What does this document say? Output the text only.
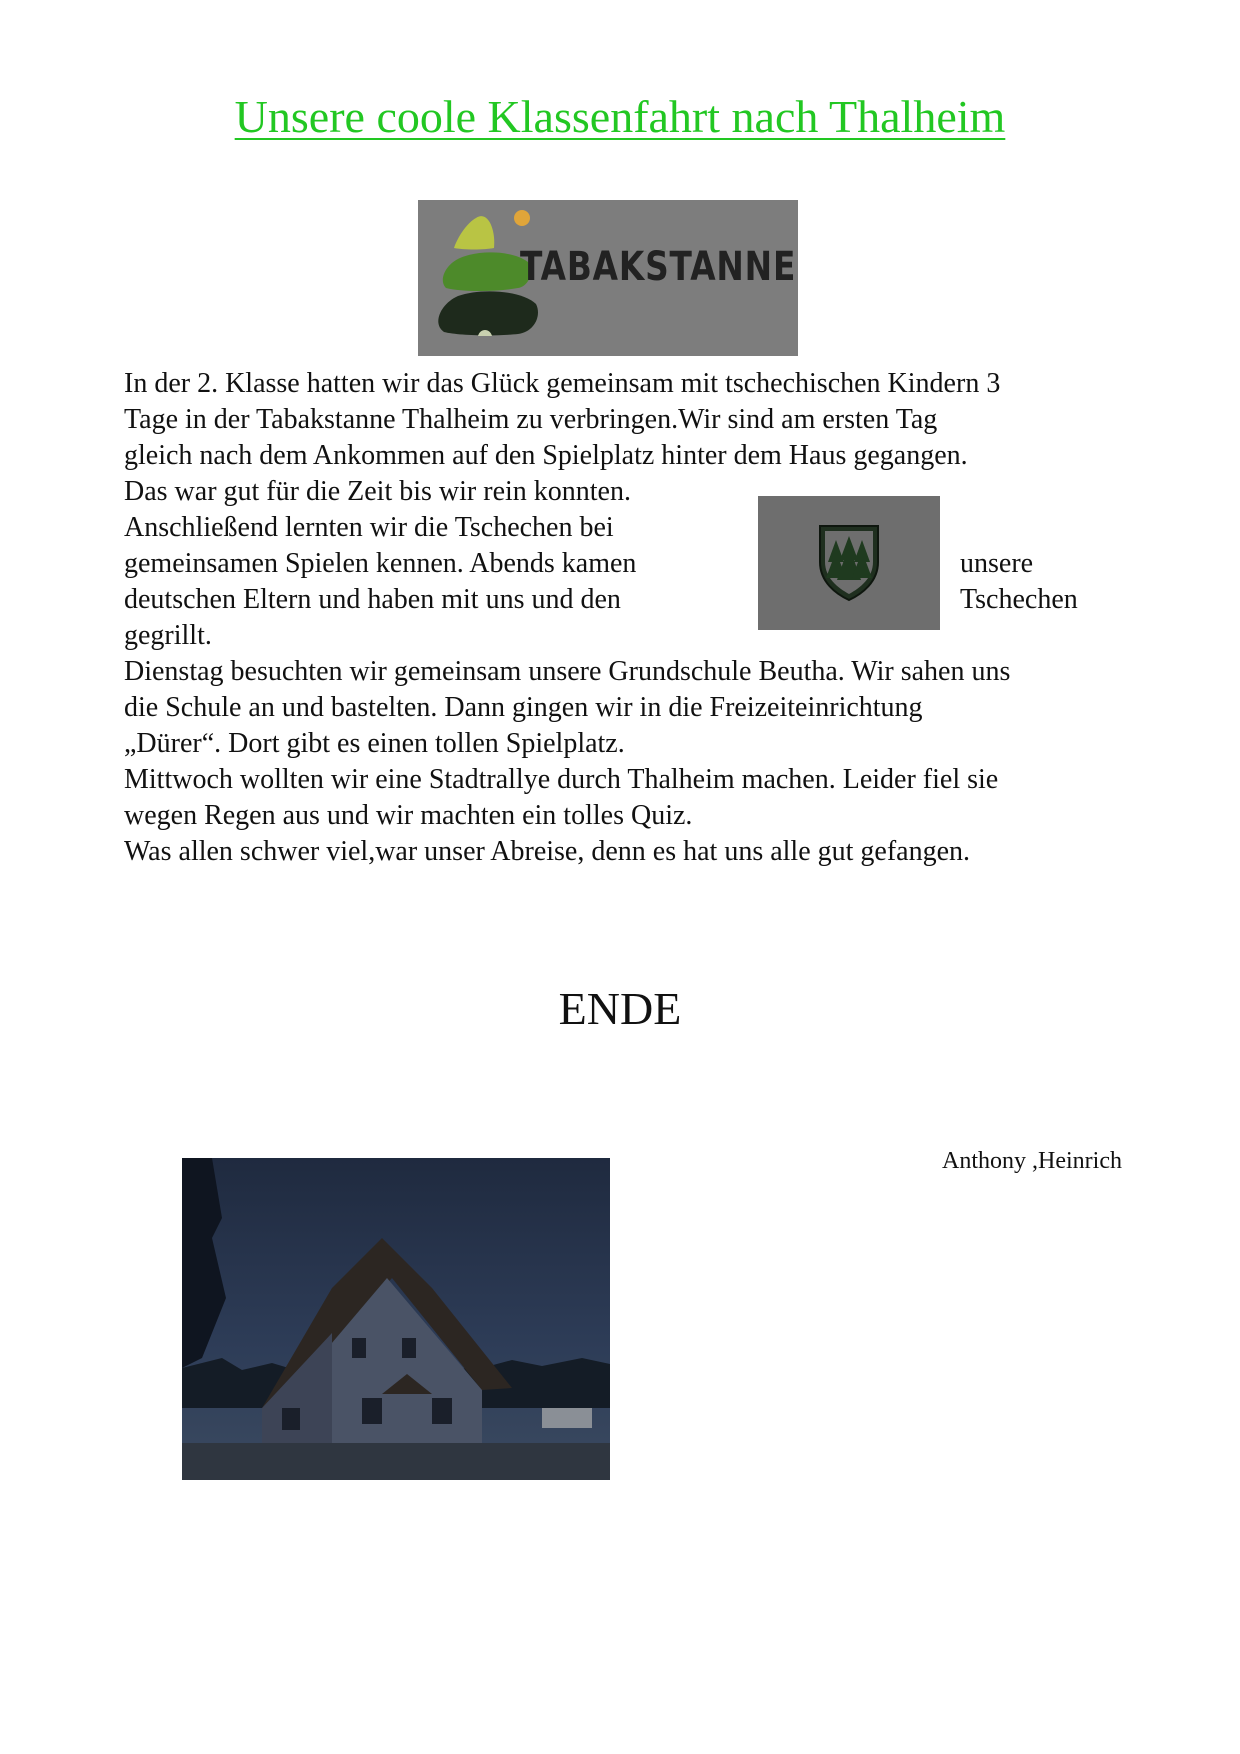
Unsere coole Klassenfahrt nach Thalheim
TABAKSTANNE
In der 2. Klasse hatten wir das Glück gemeinsam mit tschechischen Kindern 3
Tage in der Tabakstanne Thalheim zu verbringen.Wir sind am ersten Tag
gleich nach dem Ankommen auf den Spielplatz hinter dem Haus gegangen.
Das war gut für die Zeit bis wir rein konnten.
Anschließend lernten wir die Tschechen bei
gemeinsamen Spielen kennen. Abends kamen
deutschen Eltern und haben mit uns und den
gegrillt.
Dienstag besuchten wir gemeinsam unsere Grundschule Beutha. Wir sahen uns
die Schule an und bastelten. Dann gingen wir in die Freizeiteinrichtung
„Dürer“. Dort gibt es einen tollen Spielplatz.
Mittwoch wollten wir eine Stadtrallye durch Thalheim machen. Leider fiel sie
wegen Regen aus und wir machten ein tolles Quiz.
Was allen schwer viel,war unser Abreise, denn es hat uns alle gut gefangen.
unsere
Tschechen
ENDE
Anthony ,Heinrich
